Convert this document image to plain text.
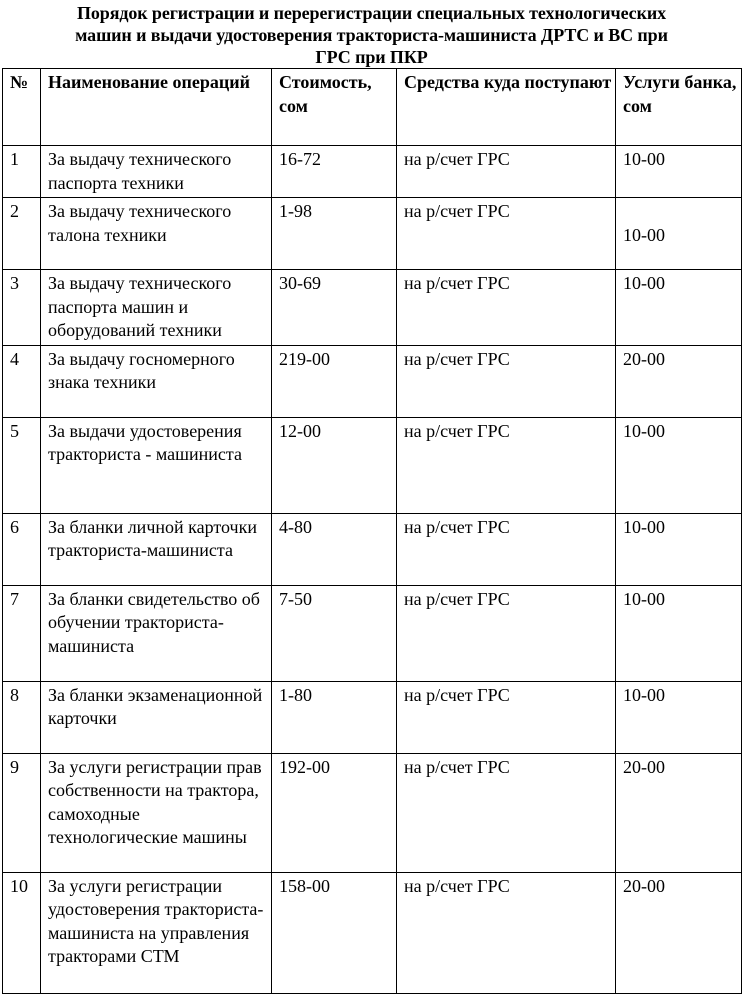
Порядок регистрации и перерегистрации специальных технологических
машин и выдачи удостоверения тракториста-машиниста ДРТС и ВС при
ГРС при ПКР
№	Наименование операций	Стоимость, сом	Средства куда поступают	Услуги банка, сом
1	За выдачу технического паспорта техники	16-72	на р/счет ГРС	10-00
2	За выдачу технического талона техники	1-98	на р/счет ГРС	10-00
3	За выдачу технического паспорта машин и оборудований техники	30-69	на р/счет ГРС	10-00
4	За выдачу госномерного знака техники	219-00	на р/счет ГРС	20-00
5	За выдачи удостоверения тракториста - машиниста	12-00	на р/счет ГРС	10-00
6	За бланки личной карточки тракториста-машиниста	4-80	на р/счет ГРС	10-00
7	За бланки свидетельство об обучении тракториста-машиниста	7-50	на р/счет ГРС	10-00
8	За бланки экзаменационной карточки	1-80	на р/счет ГРС	10-00
9	За услуги регистрации прав собственности на трактора, самоходные технологические машины	192-00	на р/счет ГРС	20-00
10	За услуги регистрации удостоверения тракториста-машиниста на управления тракторами СТМ	158-00	на р/счет ГРС	20-00
